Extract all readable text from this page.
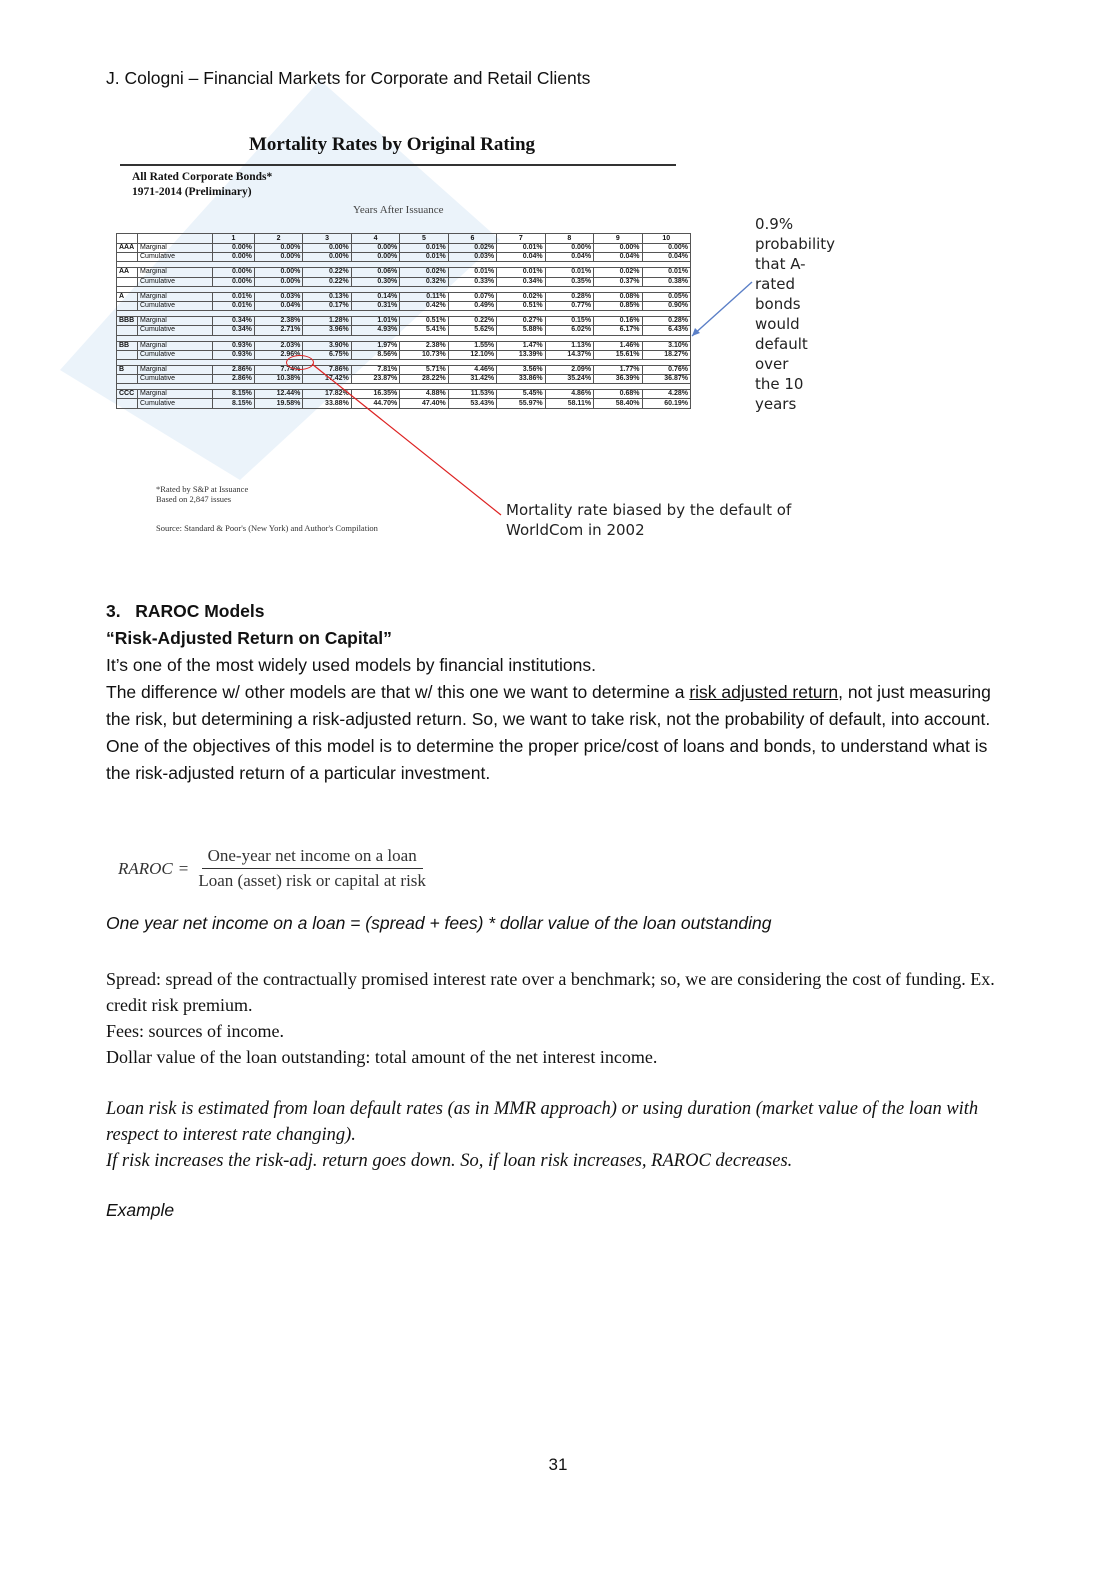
J. Cologni – Financial Markets for Corporate and Retail Clients
Mortality Rates by Original Rating
All Rated Corporate Bonds*
1971-2014 (Preliminary)
Years After Issuance
		1	2	3	4	5	6	7	8	9	10
AAA	Marginal	0.00%	0.00%	0.00%	0.00%	0.01%	0.02%	0.01%	0.00%	0.00%	0.00%
	Cumulative	0.00%	0.00%	0.00%	0.00%	0.01%	0.03%	0.04%	0.04%	0.04%	0.04%

AA	Marginal	0.00%	0.00%	0.22%	0.06%	0.02%	0.01%	0.01%	0.01%	0.02%	0.01%
	Cumulative	0.00%	0.00%	0.22%	0.30%	0.32%	0.33%	0.34%	0.35%	0.37%	0.38%

A	Marginal	0.01%	0.03%	0.13%	0.14%	0.11%	0.07%	0.02%	0.28%	0.08%	0.05%
	Cumulative	0.01%	0.04%	0.17%	0.31%	0.42%	0.49%	0.51%	0.77%	0.85%	0.90%

BBB	Marginal	0.34%	2.38%	1.28%	1.01%	0.51%	0.22%	0.27%	0.15%	0.16%	0.28%
	Cumulative	0.34%	2.71%	3.96%	4.93%	5.41%	5.62%	5.88%	6.02%	6.17%	6.43%

BB	Marginal	0.93%	2.03%	3.90%	1.97%	2.38%	1.55%	1.47%	1.13%	1.46%	3.10%
	Cumulative	0.93%	2.96%	6.75%	8.56%	10.73%	12.10%	13.39%	14.37%	15.61%	18.27%

B	Marginal	2.86%	7.74%	7.86%	7.81%	5.71%	4.46%	3.56%	2.09%	1.77%	0.76%
	Cumulative	2.86%	10.38%	17.42%	23.87%	28.22%	31.42%	33.86%	35.24%	36.39%	36.87%

CCC	Marginal	8.15%	12.44%	17.82%	16.35%	4.88%	11.53%	5.45%	4.86%	0.68%	4.28%
	Cumulative	8.15%	19.58%	33.88%	44.70%	47.40%	53.43%	55.97%	58.11%	58.40%	60.19%
0.9% probability
that A-rated bonds
would default over
the 10 years
Mortality rate biased by the default of
WorldCom in 2002
*Rated by S&P at Issuance
Based on 2,847 issues
Source: Standard & Poor's (New York) and Author's Compilation

3. RAROC Models

“Risk-Adjusted Return on Capital”

It’s one of the most widely used models by financial institutions.

The difference w/ other models are that w/ this one we want to determine a risk adjusted return, not just measuring the risk, but determining a risk-adjusted return. So, we want to take risk, not the probability of default, into account.

One of the objectives of this model is to determine the proper price/cost of loans and bonds, to understand what is the risk-adjusted return of a particular investment.

RAROC = $\frac{\text{One-year net income on a loan}}{\text{Loan (asset) risk or capital at risk}}$
One year net income on a loan = (spread + fees) * dollar value of the loan outstanding

Spread: spread of the contractually promised interest rate over a benchmark; so, we are considering the cost of funding. Ex. credit risk premium.

Fees: sources of income.

Dollar value of the loan outstanding: total amount of the net interest income.

Loan risk is estimated from loan default rates (as in MMR approach) or using duration (market value of the loan with respect to interest rate changing).

If risk increases the risk-adj. return goes down. So, if loan risk increases, RAROC decreases.

Example
31
